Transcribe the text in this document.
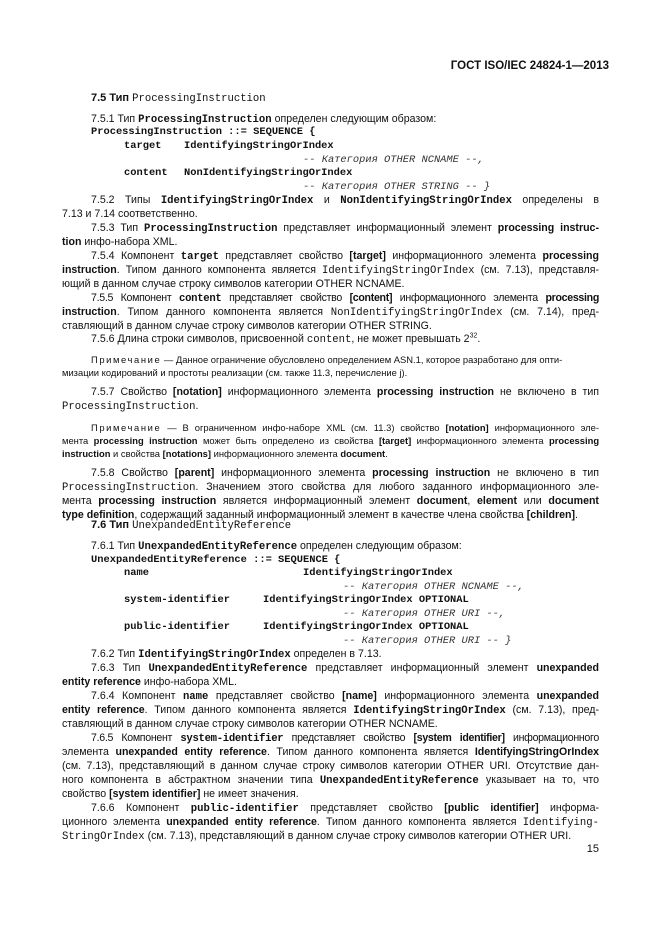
ГОСТ ISO/IEC 24824-1—2013
7.5 Тип ProcessingInstruction
7.5.1 Тип ProcessingInstruction определен следующим образом:
ProcessingInstruction ::= SEQUENCE {
target IdentifyingStringOrIndex
-- Категория OTHER NCNAME --,
content NonIdentifyingStringOrIndex
-- Категория OTHER STRING -- }
7.5.2 Типы IdentifyingStringOrIndex и NonIdentifyingStringOrIndex определены в
7.13 и 7.14 соответственно.
7.5.3 Тип ProcessingInstruction представляет информационный элемент processing instruc-
tion инфо-набора XML.
7.5.4 Компонент target представляет свойство [target] информационного элемента processing
instruction. Типом данного компонента является IdentifyingStringOrIndex (см. 7.13), представля-
ющий в данном случае строку символов категории OTHER NCNAME.
7.5.5 Компонент content представляет свойство [content] информационного элемента processing
instruction. Типом данного компонента является NonIdentifyingStringOrIndex (см. 7.14), пред-
ставляющий в данном случае строку символов категории OTHER STRING.
7.5.6 Длина строки символов, присвоенной content, не может превышать $2^{32}$.
Примечание — Данное ограничение обусловлено определением ASN.1, которое разработано для опти-
мизации кодирований и простоты реализации (см. также 11.3, перечисление j).
7.5.7 Свойство [notation] информационного элемента processing instruction не включено в тип
ProcessingInstruction.
Примечание — В ограниченном инфо-наборе XML (см. 11.3) свойство [notation] информационного эле-
мента processing instruction может быть определено из свойства [target] информационного элемента processing
instruction и свойства [notations] информационного элемента document.
7.5.8 Свойство [parent] информационного элемента processing instruction не включено в тип
ProcessingInstruction. Значением этого свойства для любого заданного информационного эле-
мента processing instruction является информационный элемент document, element или document
type definition, содержащий заданный информационный элемент в качестве члена свойства [children].
7.6 Тип UnexpandedEntityReference
7.6.1 Тип UnexpandedEntityReference определен следующим образом:
UnexpandedEntityReference ::= SEQUENCE {
name	IdentifyingStringOrIndex
-- Категория OTHER NCNAME --,
system-identifier	IdentifyingStringOrIndex OPTIONAL
-- Категория OTHER URI --,
public-identifier	IdentifyingStringOrIndex OPTIONAL
-- Категория OTHER URI -- }
7.6.2 Тип IdentifyingStringOrIndex определен в 7.13.
7.6.3 Тип UnexpandedEntityReference представляет информационный элемент unexpanded
entity reference инфо-набора XML.
7.6.4 Компонент name представляет свойство [name] информационного элемента unexpanded
entity reference. Типом данного компонента является IdentifyingStringOrIndex (см. 7.13), пред-
ставляющий в данном случае строку символов категории OTHER NCNAME.
7.6.5 Компонент system-identifier представляет свойство [system identifier] информационного
элемента unexpanded entity reference. Типом данного компонента является IdentifyingStringOrIndex
(см. 7.13), представляющий в данном случае строку символов категории OTHER URI. Отсутствие дан-
ного компонента в абстрактном значении типа UnexpandedEntityReference указывает на то, что
свойство [system identifier] не имеет значения.
7.6.6 Компонент public-identifier представляет свойство [public identifier] информа-
ционного элемента unexpanded entity reference. Типом данного компонента является Identifying-
StringOrIndex (см. 7.13), представляющий в данном случае строку символов категории OTHER URI.
15
